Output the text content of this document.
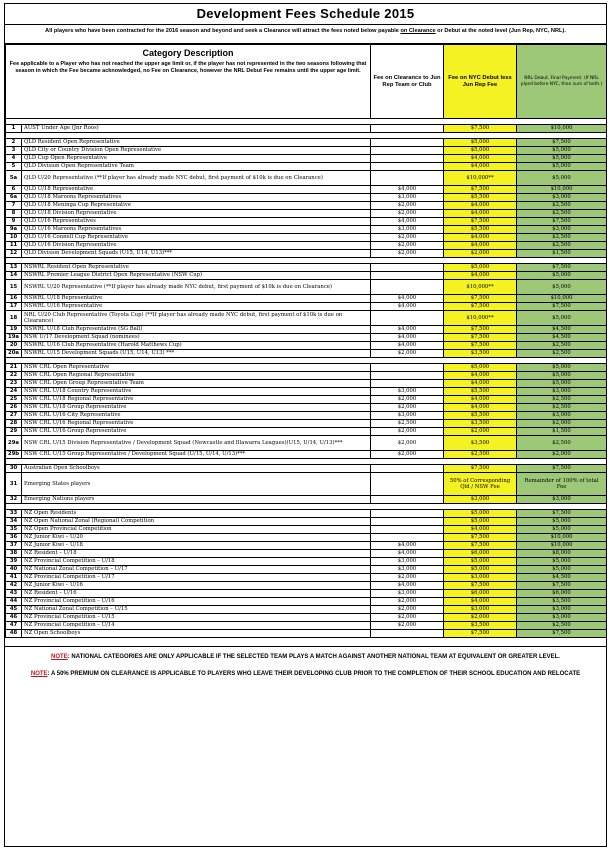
Development Fees Schedule 2015
All players who have been contracted for the 2016 season and beyond and seek a Clearance will attract the fees noted below payable on Clearance or Debut at the noted level (Jun Rep, NYC, NRL).
Category Description
Fee applicable to a Player who has not reached the upper age limit or, if the player has not represented in the two seasons following that season in which the Fee became acknowledged, no Fee on Clearance, however the NRL Debut Fee remains until the upper age limit.		Fee on Clearance to Jun Rep Team or Club	Fee on NYC Debut less Jun Rep Fee	NRL Debut, Final Payment. (If NRL plyed before NYC, then sum of both.)

1	AUST Under Age (Jnr Roos)		$7,500	$10,000

2	QLD Resident Open Representative		$5,000	$7,500
3	QLD City or Country Division Open Representative		$5,000	$5,000
4	QLD Cup Open Representative		$4,000	$5,000
5	QLD Division Open Representative Team		$4,000	$5,000
5a	QLD U/20 Representative (**If player has already made NYC debut, first payment of $10k is due on Clearance)		$10,000**	$5,000
6	QLD U/18 Representative	$4,000	$7,500	$10,000
6a	QLD U/18 Maroons Representatives	$3,000	$5,500	$3,000
7	QLD U/18 Meninga Cup Representative	$2,000	$4,000	$2,500
8	QLD U/18 Division Representative	$2,000	$4,000	$2,500
9	QLD U/16 Representatives	$4,000	$7,500	$7,500
9a	QLD U/16 Maroons Representatives	$3,000	$5,500	$3,000
10	QLD U/16 Connell Cup Representative	$2,000	$4,000	$2,500
11	QLD U/16 Division Representative	$2,000	$4,000	$2,500
12	QLD Division Development Squads (U15, U14, U13)***	$2,000	$2,000	$1,500

13	NSWRL Resident Open Representative		$5,000	$7,500
14	NSWRL Premier League District Open Representative (NSW Cup)		$4,000	$5,000
15	NSWRL U/20 Representative (**If player has already made NYC debut, first payment of $10k is due on Clearance)		$10,000**	$5,000
16	NSWRL U/18 Representative	$4,000	$7,500	$10,000
17	NSWRL U/16 Representative	$4,000	$7,500	$7,500
18	NRL U/20 Club Representative (Toyota Cup) (**If player has already made NYC debut, first payment of $10k is due on Clearance)		$10,000**	$5,000
19	NSWRL U/18 Club Representative (SG Ball)	$4,000	$7,500	$4,500
19a	NSW U/17 Development Squad (nominees)	$4,000	$7,500	$4,500
20	NSWRL U/16 Club Representative (Harold Matthews Cup)	$4,000	$7,500	$2,500
20a	NSWRL U/15 Development Squads (U15, U14, U13) ***	$2,000	$3,500	$2,500

21	NSW CRL Open Representative		$5,000	$5,000
22	NSW CRL Open Regional Representative		$4,000	$5,000
23	NSW CRL Open Group Representative Team		$4,000	$5,000
24	NSW CRL U/18 Country Representative	$3,000	$5,500	$3,000
25	NSW CRL U/18 Regional Representative	$2,000	$4,000	$2,500
26	NSW CRL U/18 Group Representative	$2,000	$4,000	$2,500
27	NSW CRL U/16 City Representative	$3,000	$5,500	$3,000
28	NSW CRL U/16 Regional Representative	$2,500	$3,500	$2,000
29	NSW CRL U/16 Group Representative	$2,000	$2,000	$1,500
29a	NSW CRL U/15 Division Representative / Development Squad (Newcastle and Illawarra Leagues)(U15, U/14, U/13)***	$2,000	$3,500	$2,500
29b	NSW CRL U/15 Group Representative / Development Squad (U/15, U/14, U/13)***	$2,000	$2,500	$2,000

30	Australian Open Schoolboys		$7,500	$7,500
31	Emerging States players		50% of Corresponding Qld / NSW Fee	Remainder of 100% of total Fee
32	Emerging Nations players		$3,000	$3,000

33	NZ Open Residents		$5,000	$7,500
34	NZ Open National Zonal (Regional) Competition		$5,000	$5,000
35	NZ Open Provincial Competition		$4,000	$5,000
36	NZ Junior Kiwi – U/20		$7,500	$10,000
37	NZ Junior Kiwi – U/18	$4,000	$7,500	$10,000
38	NZ Resident – U/18	$4,000	$6,000	$8,000
39	NZ Provincial Competition – U/18	$3,000	$5,000	$5,000
40	NZ National Zonal Competition – U/17	$3,000	$5,000	$5,000
41	NZ Provincial Competition – U/17	$2,000	$3,000	$4,500
42	NZ Junior Kiwi – U/16	$4,000	$7,500	$7,500
43	NZ Resident – U/16	$3,000	$6,000	$6,000
44	NZ Provincial Competition – U/16	$2,000	$4,000	$3,500
45	NZ National Zonal Competition – U/15	$2,000	$3,000	$3,000
46	NZ Provincial Competition – U/15	$2,000	$2,000	$3,000
47	NZ Provincial Competition – U/14	$2,000	$3,500	$2,500
48	NZ Open Schoolboys		$7,500	$7,500

NOTE: NATIONAL CATEGORIES ARE ONLY APPLICABLE IF THE SELECTED TEAM PLAYS A MATCH AGAINST ANOTHER NATIONAL TEAM AT EQUIVALENT OR GREATER LEVEL.

NOTE: A 50% PREMIUM ON CLEARANCE IS APPLICABLE TO PLAYERS WHO LEAVE THEIR DEVELOPING CLUB PRIOR TO THE COMPLETION OF THEIR SCHOOL EDUCATION AND RELOCATE
